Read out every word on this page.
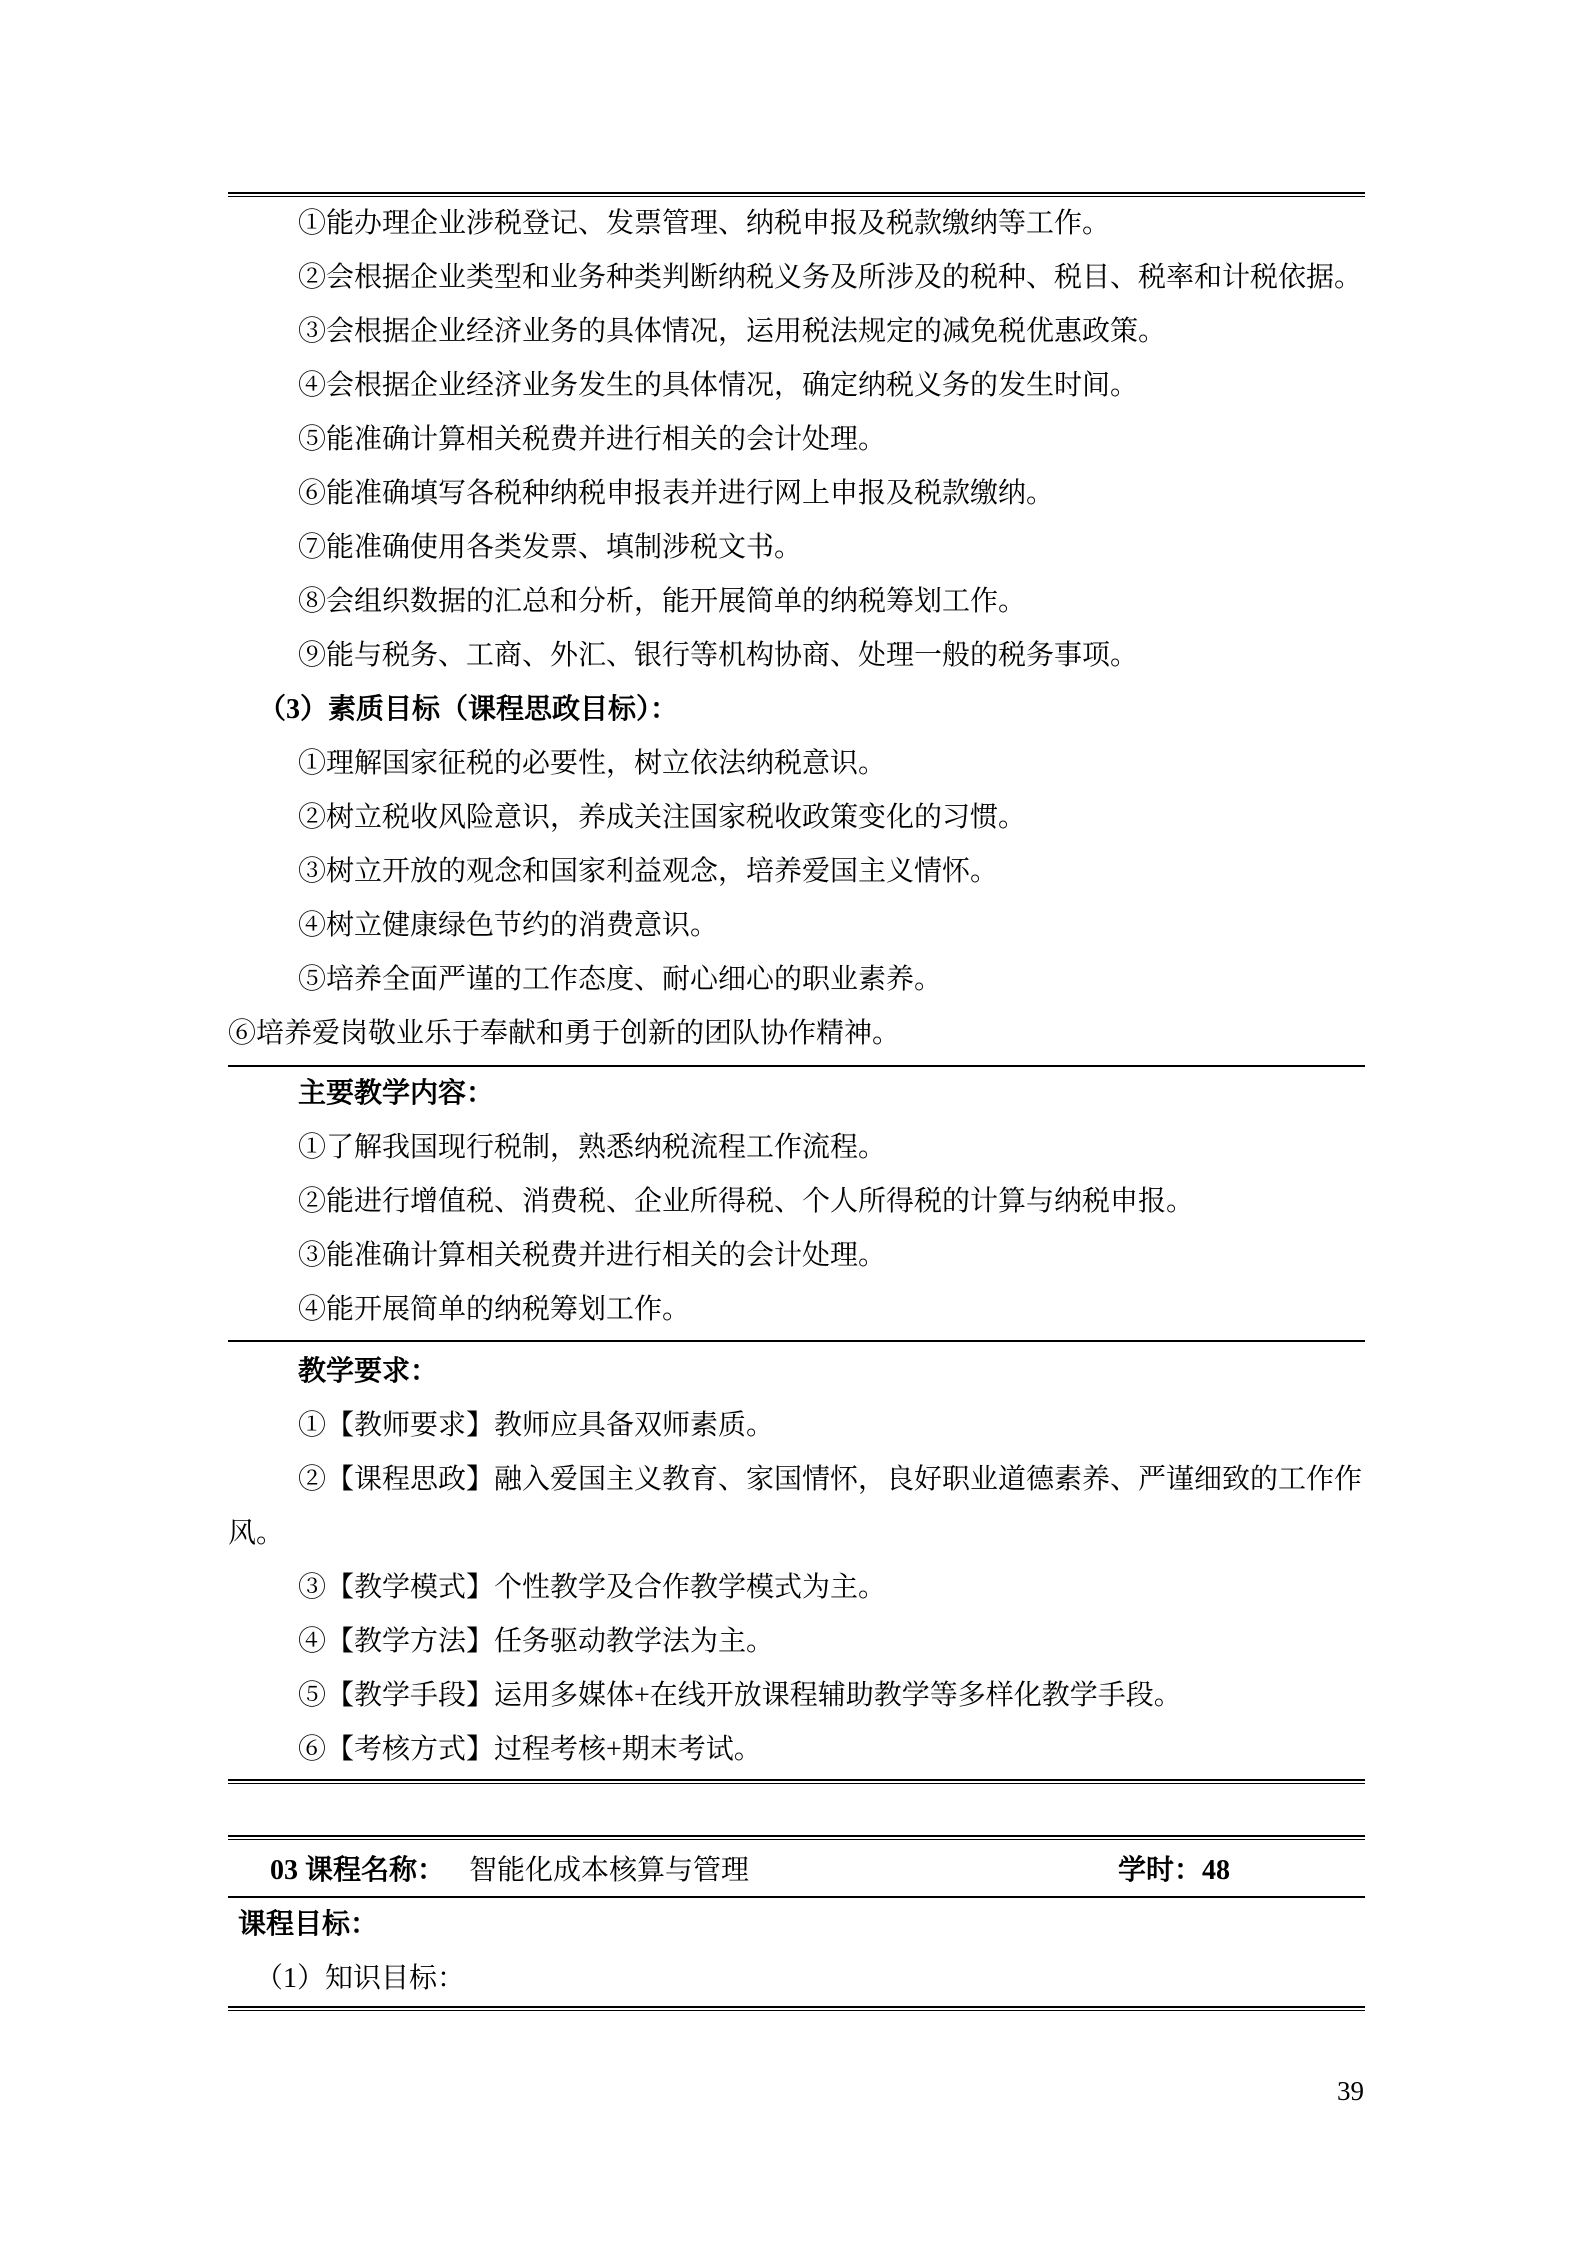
①能办理企业涉税登记、发票管理、纳税申报及税款缴纳等工作。

②会根据企业类型和业务种类判断纳税义务及所涉及的税种、税目、税率和计税依据。

③会根据企业经济业务的具体情况，运用税法规定的减免税优惠政策。

④会根据企业经济业务发生的具体情况，确定纳税义务的发生时间。

⑤能准确计算相关税费并进行相关的会计处理。

⑥能准确填写各税种纳税申报表并进行网上申报及税款缴纳。

⑦能准确使用各类发票、填制涉税文书。

⑧会组织数据的汇总和分析，能开展简单的纳税筹划工作。

⑨能与税务、工商、外汇、银行等机构协商、处理一般的税务事项。

（3）素质目标（课程思政目标）：

①理解国家征税的必要性，树立依法纳税意识。

②树立税收风险意识，养成关注国家税收政策变化的习惯。

③树立开放的观念和国家利益观念，培养爱国主义情怀。

④树立健康绿色节约的消费意识。

⑤培养全面严谨的工作态度、耐心细心的职业素养。

⑥培养爱岗敬业乐于奉献和勇于创新的团队协作精神。

主要教学内容：

①了解我国现行税制，熟悉纳税流程工作流程。

②能进行增值税、消费税、企业所得税、个人所得税的计算与纳税申报。

③能准确计算相关税费并进行相关的会计处理。

④能开展简单的纳税筹划工作。

教学要求：

①【教师要求】教师应具备双师素质。

②【课程思政】融入爱国主义教育、家国情怀，良好职业道德素养、严谨细致的工作作

风。

③【教学模式】个性教学及合作教学模式为主。

④【教学方法】任务驱动教学法为主。

⑤【教学手段】运用多媒体+在线开放课程辅助教学等多样化教学手段。

⑥【考核方式】过程考核+期末考试。

03 课程名称： 智能化成本核算与管理	学时：48

课程目标：

（1）知识目标：

39
